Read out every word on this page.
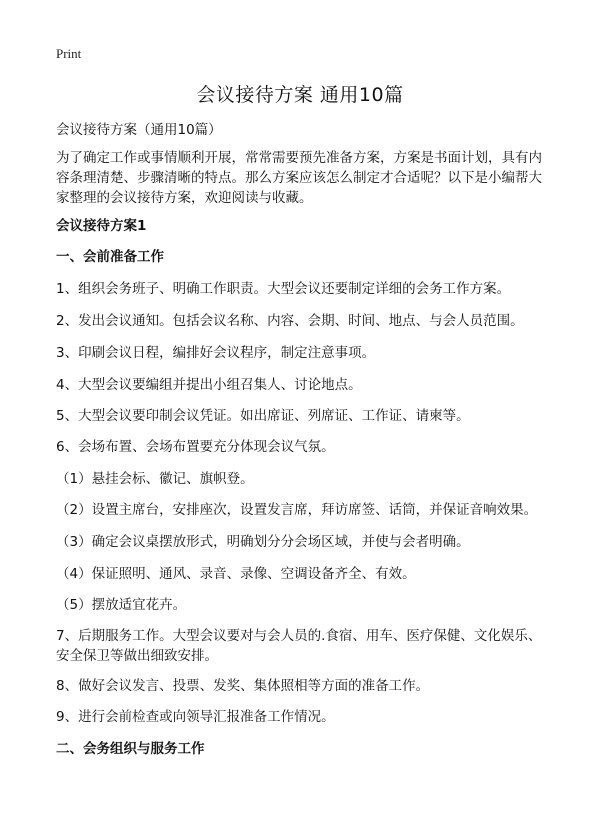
Print
会议接待方案 通用10篇
会议接待方案（通用10篇）
为了确定工作或事情顺利开展，常常需要预先准备方案，方案是书面计划，具有内
容条理清楚、步骤清晰的特点。那么方案应该怎么制定才合适呢？以下是小编帮大
家整理的会议接待方案，欢迎阅读与收藏。
会议接待方案1
一、会前准备工作
1、组织会务班子、明确工作职责。大型会议还要制定详细的会务工作方案。
2、发出会议通知。包括会议名称、内容、会期、时间、地点、与会人员范围。
3、印刷会议日程，编排好会议程序，制定注意事项。
4、大型会议要编组并提出小组召集人、讨论地点。
5、大型会议要印制会议凭证。如出席证、列席证、工作证、请柬等。
6、会场布置、会场布置要充分体现会议气氛。
（1）悬挂会标、徽记、旗帜登。
（2）设置主席台，安排座次，设置发言席，拜访席签、话筒，并保证音响效果。
（3）确定会议桌摆放形式，明确划分分会场区域，并使与会者明确。
（4）保证照明、通风、录音、录像、空调设备齐全、有效。
（5）摆放适宜花卉。
7、后期服务工作。大型会议要对与会人员的.食宿、用车、医疗保健、文化娱乐、
安全保卫等做出细致安排。
8、做好会议发言、投票、发奖、集体照相等方面的准备工作。
9、进行会前检查或向领导汇报准备工作情况。
二、会务组织与服务工作
